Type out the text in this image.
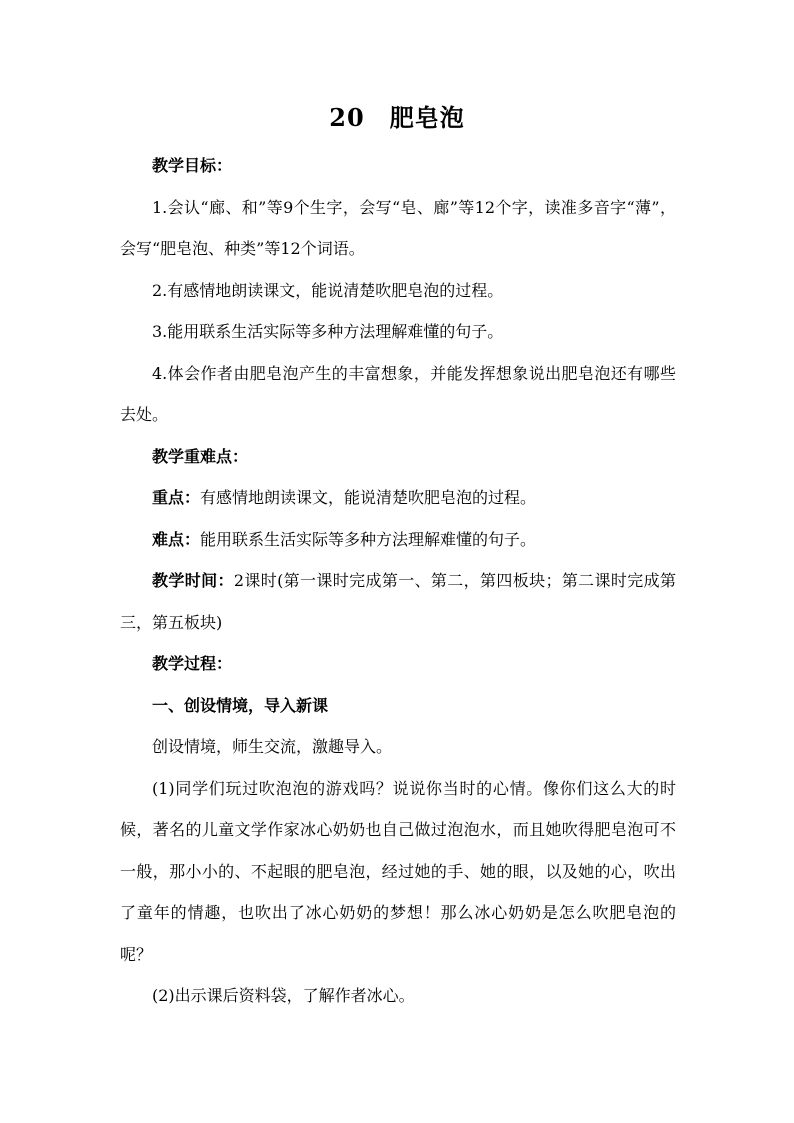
20　肥皂泡

教学目标：

1.会认“廊、和”等9个生字，会写“皂、廊”等12个字，读准多音字“薄”，会写“肥皂泡、种类”等12个词语。

2.有感情地朗读课文，能说清楚吹肥皂泡的过程。

3.能用联系生活实际等多种方法理解难懂的句子。

4.体会作者由肥皂泡产生的丰富想象，并能发挥想象说出肥皂泡还有哪些去处。

教学重难点：

重点：有感情地朗读课文，能说清楚吹肥皂泡的过程。

难点：能用联系生活实际等多种方法理解难懂的句子。

教学时间：2课时(第一课时完成第一、第二，第四板块；第二课时完成第三，第五板块)

教学过程：

一、创设情境，导入新课

创设情境，师生交流，激趣导入。

(1)同学们玩过吹泡泡的游戏吗？说说你当时的心情。像你们这么大的时候，著名的儿童文学作家冰心奶奶也自己做过泡泡水，而且她吹得肥皂泡可不一般，那小小的、不起眼的肥皂泡，经过她的手、她的眼，以及她的心，吹出了童年的情趣，也吹出了冰心奶奶的梦想！那么冰心奶奶是怎么吹肥皂泡的呢？

(2)出示课后资料袋，了解作者冰心。
